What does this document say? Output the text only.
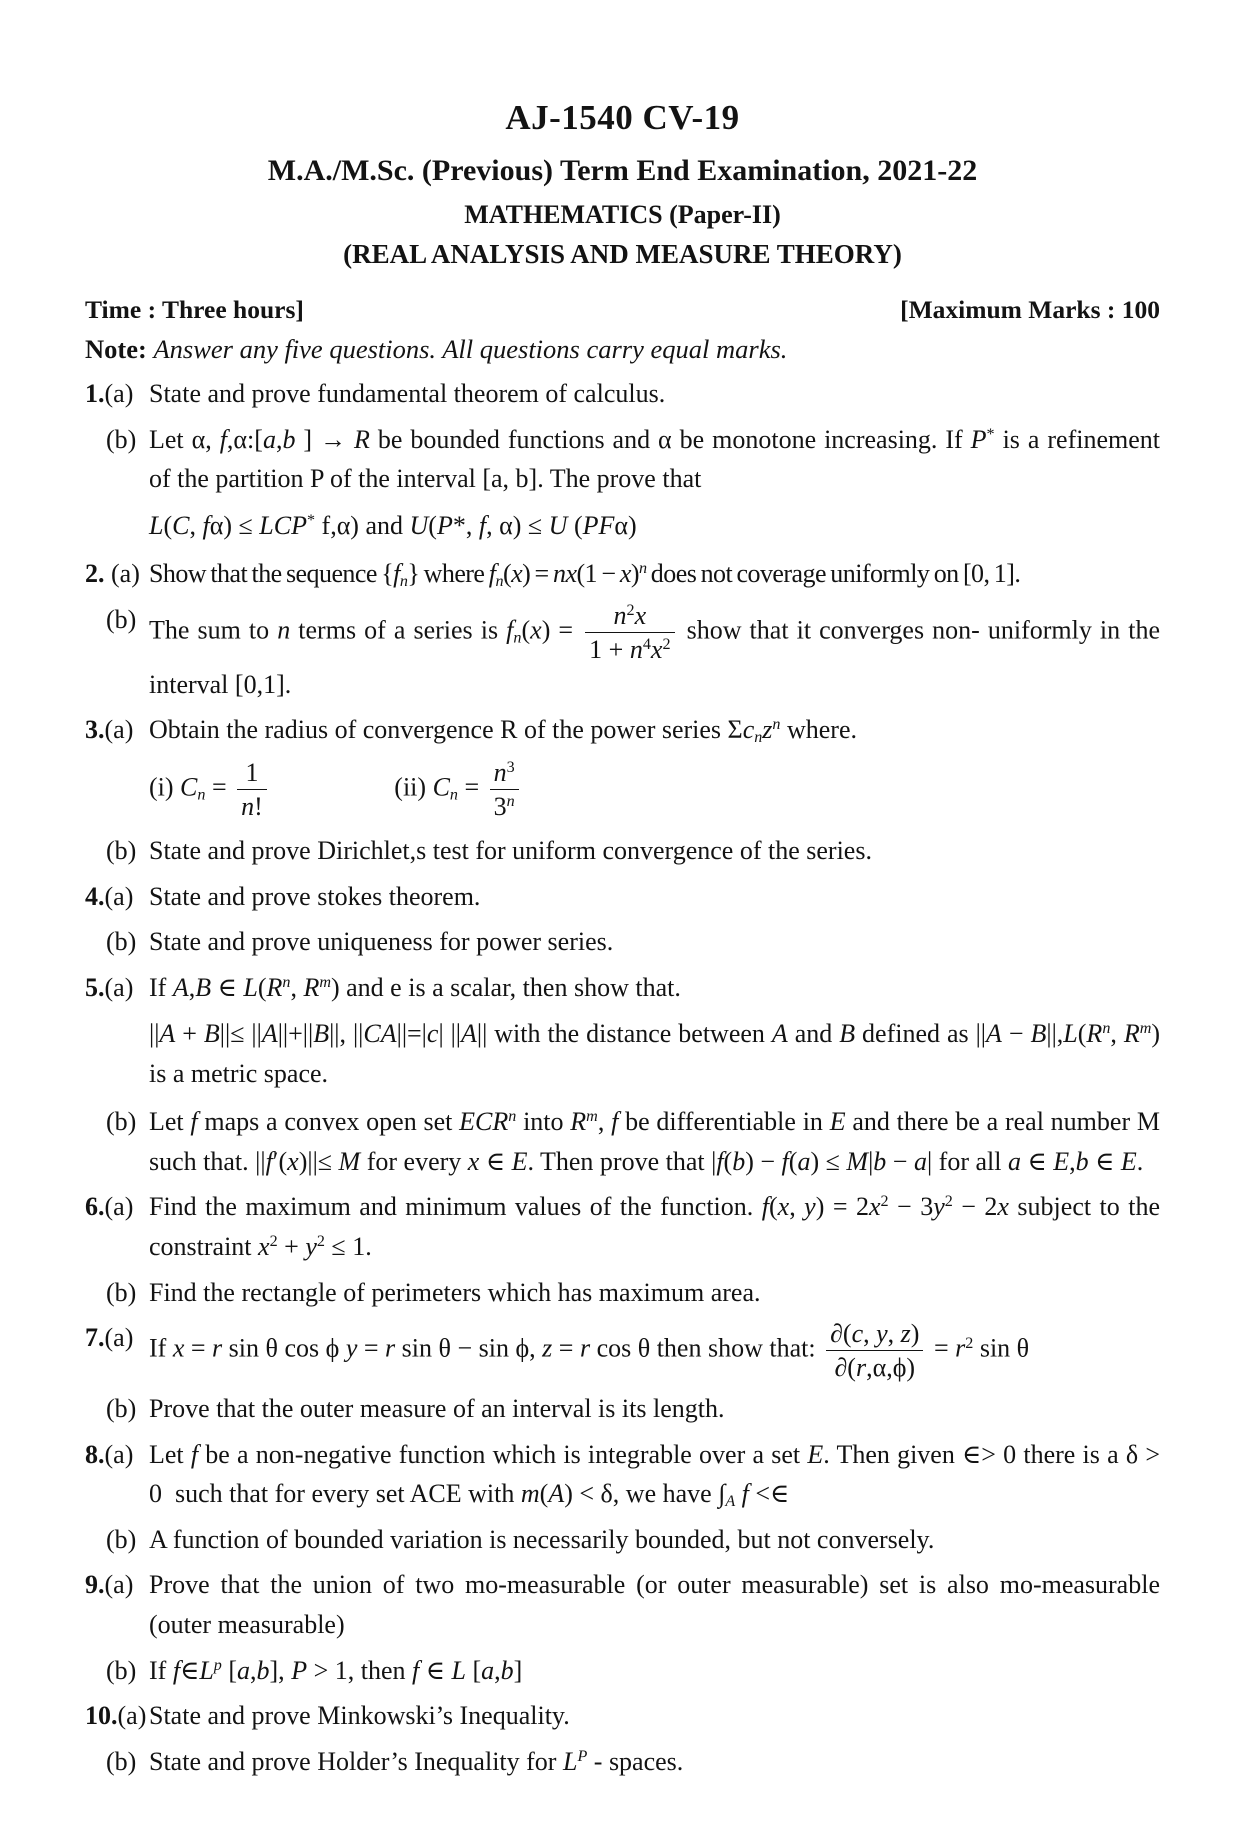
AJ-1540 CV-19
M.A./M.Sc. (Previous) Term End Examination, 2021-22
MATHEMATICS (Paper-II)
(REAL ANALYSIS AND MEASURE THEORY)
Time : Three hours]	[Maximum Marks : 100
Note: Answer any five questions. All questions carry equal marks.
1.(a) State and prove fundamental theorem of calculus.
(b) Let α, f,α:[a,b ] → R be bounded functions and α be monotone increasing. If P* is a refinement of the partition P of the interval [a, b]. The prove that
L(C, fα) ≤ LCP* f,α) and U(P*, f, α) ≤ U (PFα)
2. (a) Show that the sequence $\{f_n\}$ where $f_n(x) = nx(1 - x)^n$ does not coverage uniformly on [0, 1].
(b) The sum to n terms of a series is $f_n(x) = \frac{n^2x}{1 + n^4x^2}$ show that it converges non- uniformly in the interval [0,1].
3.(a) Obtain the radius of convergence R of the power series $\Sigma c_nz^n$ where.
(i) $C_n = \frac{1}{n!} (ii) C_n = \frac{n^3}{3^n}$
(b) State and prove Dirichlet,s test for uniform convergence of the series.
4.(a) State and prove stokes theorem.
(b) State and prove uniqueness for power series.
5.(a) If A,B ∈ $L(R^n$, $R^m$) and e is a scalar, then show that.
||A + B||≤ ||A||+||B||, ||CA||=|c| ||A|| with the distance between A and B defined as $||A - B||,L(R^n$, $R^m$) is a metric space.
(b) Let f maps a convex open set ECR$^n$ into $R^m$, f be differentiable in E and there be a real number M such that. ||f′(x)||≤ M for every x ∈ E. Then prove that |f(b) − f(a) ≤ M|b − a| for all a ∈ E,b ∈ E.
6.(a) Find the maximum and minimum values of the function. f(x, $y) = 2x^2 - 3y^2 - 2x$ subject to the constraint $x^2 + y^2 \le 1$.
(b) Find the rectangle of perimeters which has maximum area.
7.(a) If x = r sin θ cos ϕ y = r sin θ − sin ϕ, z = r cos θ then show that: $\frac{\partial(c, y, z)}{\partial(r,\alpha,\phi)} = r^2$ sin θ
(b) Prove that the outer measure of an interval is its length.
8.(a) Let f be a non-negative function which is integrable over a set E. Then given ∈> 0 there is a δ > 0  such that for every set ACE with m(A) < δ, we have $\int_A$ f <∈
(b) A function of bounded variation is necessarily bounded, but not conversely.
9.(a) Prove that the union of two mo-measurable (or outer measurable) set is also mo-measurable (outer measurable)
(b) If $f\in L^p$ [a,b], P > 1, then f ∈ L [a,b]
10.(a) State and prove Minkowski’s Inequality.
(b) State and prove Holder’s Inequality for $L^P$ - spaces.
